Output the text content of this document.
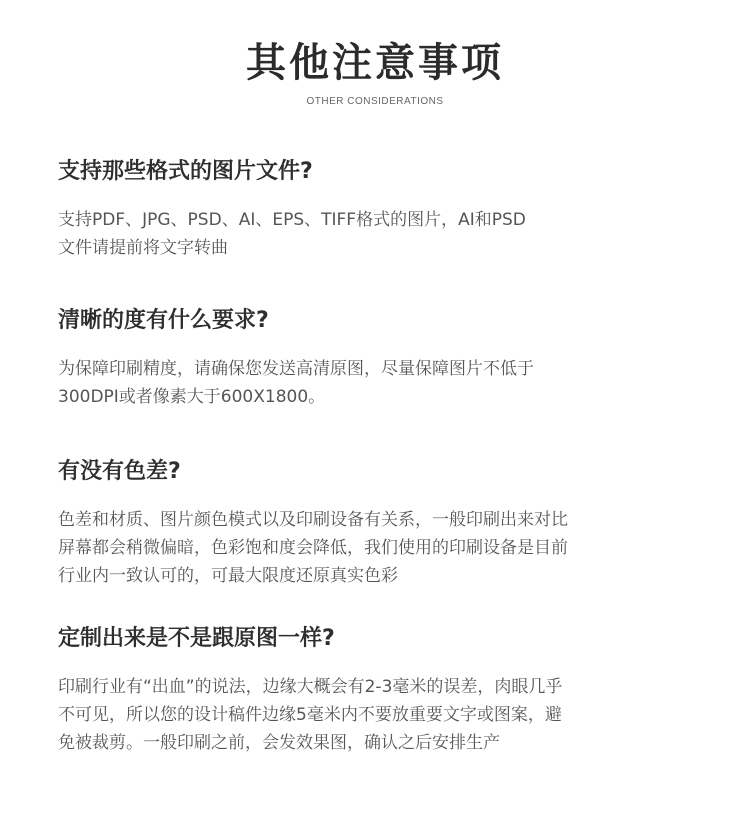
其他注意事项
OTHER CONSIDERATIONS
支持那些格式的图片文件?
支持PDF、JPG、PSD、AI、EPS、TIFF格式的图片，AI和PSD
文件请提前将文字转曲
清晰的度有什么要求?
为保障印刷精度，请确保您发送高清原图，尽量保障图片不低于
300DPI或者像素大于600X1800。
有没有色差?
色差和材质、图片颜色模式以及印刷设备有关系，一般印刷出来对比
屏幕都会稍微偏暗，色彩饱和度会降低，我们使用的印刷设备是目前
行业内一致认可的，可最大限度还原真实色彩
定制出来是不是跟原图一样?
印刷行业有“出血”的说法，边缘大概会有2-3毫米的误差，肉眼几乎
不可见，所以您的设计稿件边缘5毫米内不要放重要文字或图案，避
免被裁剪。一般印刷之前，会发效果图，确认之后安排生产
